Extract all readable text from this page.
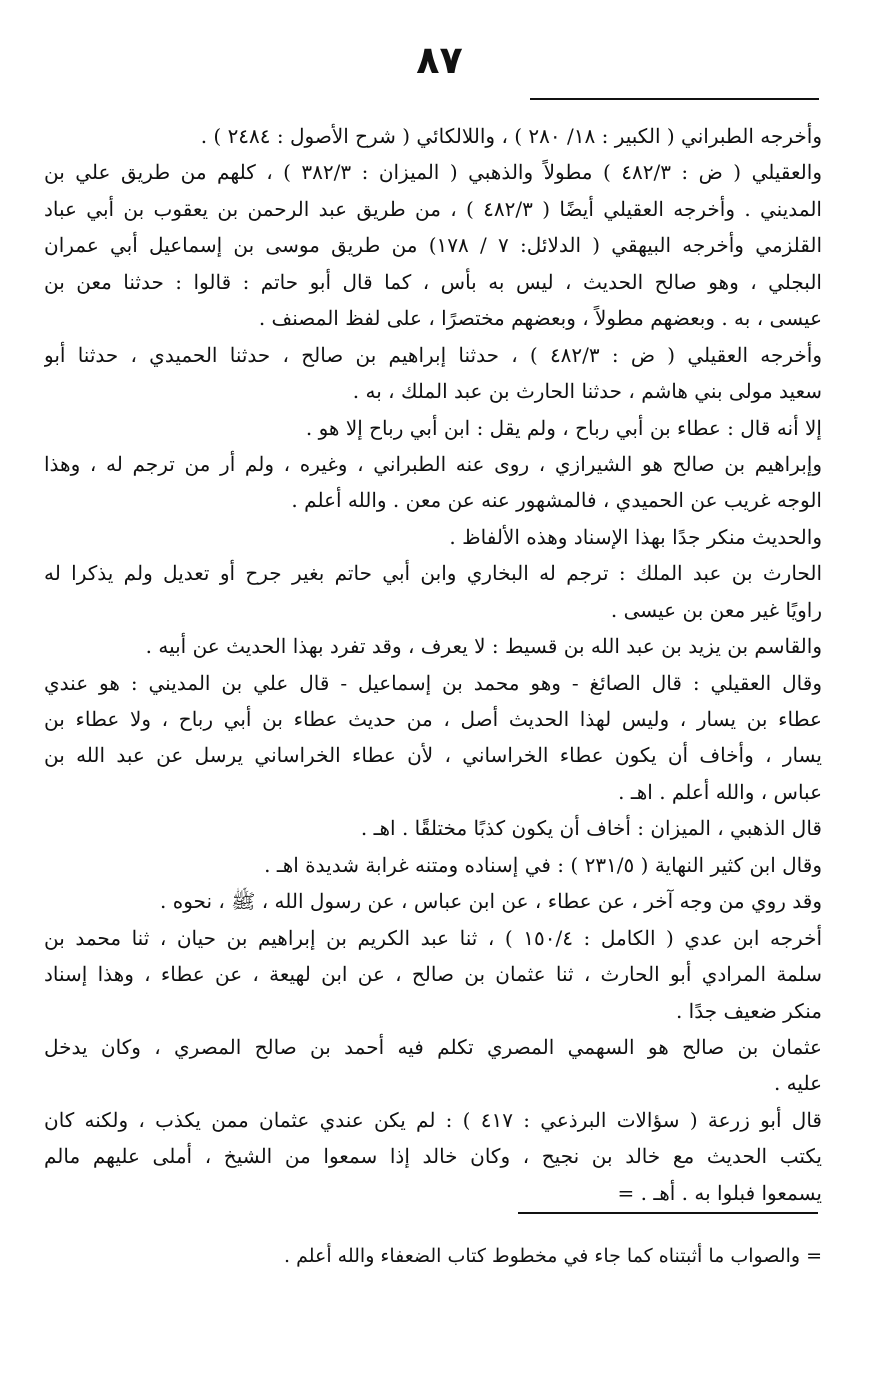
٨٧
وأخرجه الطبراني ( الكبير : ١٨/ ٢٨٠ ) ، واللالكائي ( شرح الأصول : ٢٤٨٤ ) .
والعقيلي ( ض : ٤٨٢/٣ ) مطولاً والذهبي ( الميزان : ٣٨٢/٣ ) ، كلهم من طريق علي بن
المديني . وأخرجه العقيلي أيضًا ( ٤٨٢/٣ ) ، من طريق عبد الرحمن بن يعقوب بن أبي عباد
القلزمي وأخرجه البيهقي ( الدلائل: ٧ / ١٧٨) من طريق موسى بن إسماعيل أبي عمران
البجلي ، وهو صالح الحديث ، ليس به بأس ، كما قال أبو حاتم : قالوا : حدثنا معن بن
عيسى ، به . وبعضهم مطولاً ، وبعضهم مختصرًا ، على لفظ المصنف .
وأخرجه العقيلي ( ض : ٤٨٢/٣ ) ، حدثنا إبراهيم بن صالح ، حدثنا الحميدي ، حدثنا أبو
سعيد مولى بني هاشم ، حدثنا الحارث بن عبد الملك ، به .
إلا أنه قال : عطاء بن أبي رباح ، ولم يقل : ابن أبي رباح إلا هو .
وإبراهيم بن صالح هو الشيرازي ، روى عنه الطبراني ، وغيره ، ولم أر من ترجم له ، وهذا
الوجه غريب عن الحميدي ، فالمشهور عنه عن معن . والله أعلم .
والحديث منكر جدًا بهذا الإسناد وهذه الألفاظ .
الحارث بن عبد الملك : ترجم له البخاري وابن أبي حاتم بغير جرح أو تعديل ولم يذكرا له
راويًا غير معن بن عيسى .
والقاسم بن يزيد بن عبد الله بن قسيط : لا يعرف ، وقد تفرد بهذا الحديث عن أبيه .
وقال العقيلي : قال الصائغ - وهو محمد بن إسماعيل - قال علي بن المديني : هو عندي
عطاء بن يسار ، وليس لهذا الحديث أصل ، من حديث عطاء بن أبي رباح ، ولا عطاء بن
يسار ، وأخاف أن يكون عطاء الخراساني ، لأن عطاء الخراساني يرسل عن عبد الله بن
عباس ، والله أعلم . اهـ .
قال الذهبي ، الميزان : أخاف أن يكون كذبًا مختلقًا . اهـ .
وقال ابن كثير النهاية ( ٢٣١/٥ ) : في إسناده ومتنه غرابة شديدة اهـ .
وقد روي من وجه آخر ، عن عطاء ، عن ابن عباس ، عن رسول الله ، ﷺ ، نحوه .
أخرجه ابن عدي ( الكامل : ١٥٠/٤ ) ، ثنا عبد الكريم بن إبراهيم بن حيان ، ثنا محمد بن
سلمة المرادي أبو الحارث ، ثنا عثمان بن صالح ، عن ابن لهيعة ، عن عطاء ، وهذا إسناد
منكر ضعيف جدًا .
عثمان بن صالح هو السهمي المصري تكلم فيه أحمد بن صالح المصري ، وكان يدخل
عليه .
قال أبو زرعة ( سؤالات البرذعي : ٤١٧ ) : لم يكن عندي عثمان ممن يكذب ، ولكنه كان
يكتب الحديث مع خالد بن نجيح ، وكان خالد إذا سمعوا من الشيخ ، أملى عليهم مالم
يسمعوا فبلوا به . أهـ . =
= والصواب ما أثبتناه كما جاء في مخطوط كتاب الضعفاء والله أعلم .
